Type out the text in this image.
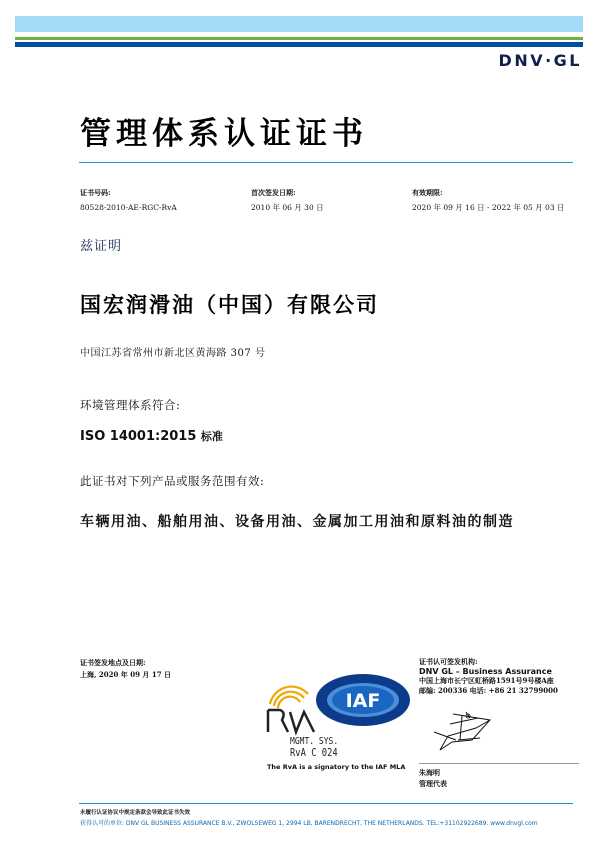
DNV·GL
管理体系认证证书
证书号码:
80528-2010-AE-RGC-RvA
首次签发日期:
2010 年 06 月 30 日
有效期限:
2020 年 09 月 16 日 - 2022 年 05 月 03 日
兹证明
国宏润滑油（中国）有限公司
中国江苏省常州市新北区黄海路 307 号
环境管理体系符合:
ISO 14001:2015 标准
此证书对下列产品或服务范围有效:
车辆用油、船舶用油、设备用油、金属加工用油和原料油的制造
证书签发地点及日期:
上海, 2020 年 09 月 17 日
证书认可签发机构:
DNV GL – Business Assurance
中国上海市长宁区虹桥路1591号9号楼A座
邮编: 200336 电话: +86 21 32799000
朱海明
管理代表
IAF
MGMT. SYS.
RvA C 024
The RvA is a signatory to the IAF MLA
未履行认证协议中规定条款会导致此证书失效
获得认可的单位: DNV GL BUSINESS ASSURANCE B.V., ZWOLSEWEG 1, 2994 LB, BARENDRECHT, THE NETHERLANDS. TEL:+31102922689. www.dnvgl.com
